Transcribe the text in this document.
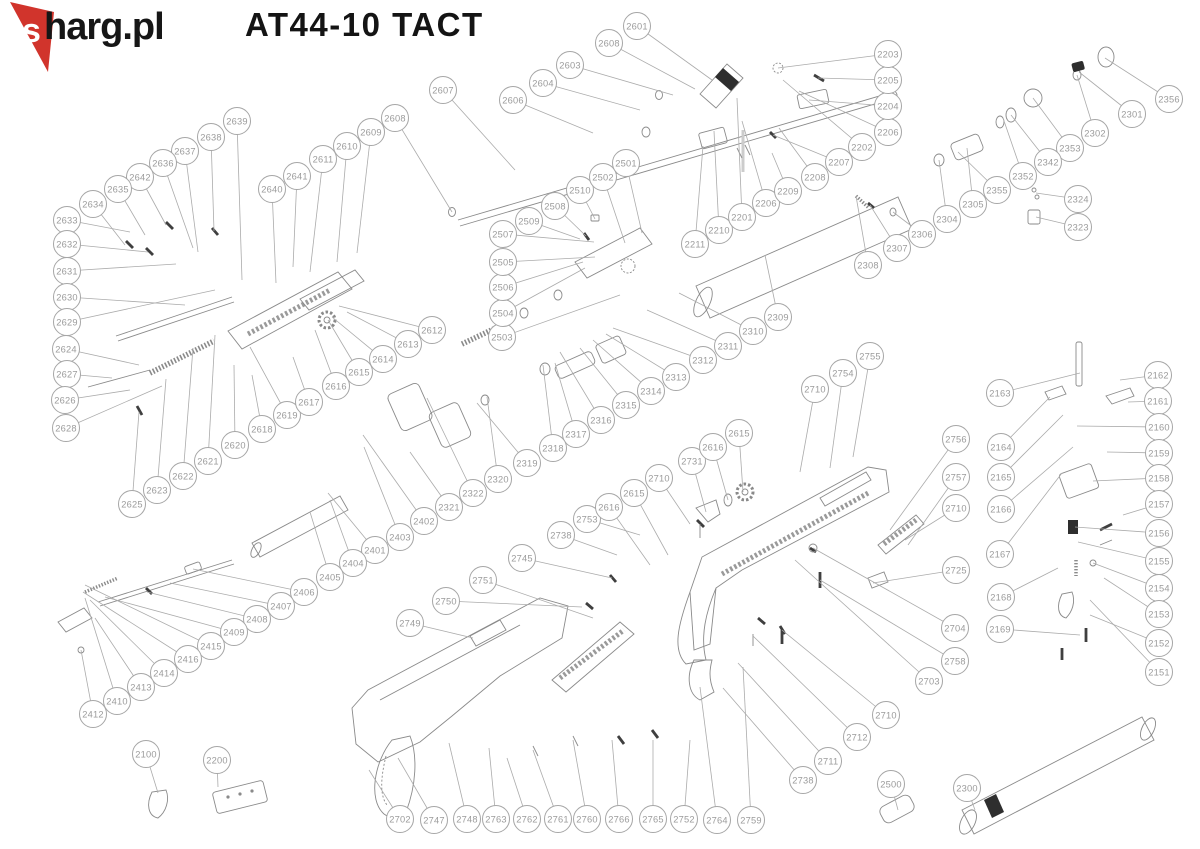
s harg.pl AT44-10 TACT	2601
2608
2603
2604
2606
2607
2608
2609
2610
2611
2641
2640
2639
2638
2637
2636
2642
2635
2634
2633
2632
2631
2630
2629
2624
2627
2626
2628
2625
2623
2622
2621
2620
2618
2619
2617
2616
2615
2614
2613
2612
2503
2504
2506
2505
2507
2509
2508
2510
2502
2501
2211
2210
2201
2206
2209
2208
2207
2202
2206
2204
2205
2203
2356
2301
2302
2353
2342
2352
2355
2305
2304
2306
2307
2308
2324
2323
2309
2310
2311
2312
2313
2314
2315
2316
2317
2318
2319
2320
2322
2321
2402
2403
2401
2404
2405
2406
2407
2408
2409
2415
2416
2414
2413
2410
2412
2100
2200
2749
2750
2751
2745
2738
2753
2616
2615
2710
2731
2616
2615
2710
2754
2755
2756
2757
2710
2725
2704
2758
2703
2710
2712
2711
2738	2500	2300
2702 2747 2748 2763 2762 2761 2760 2766 2765 2752 2764 2759
2163
2164
2165
2166
2167
2168
2169
2162
2161
2160
2159
2158
2157
2156
2155
2154
2153
2152
2151
